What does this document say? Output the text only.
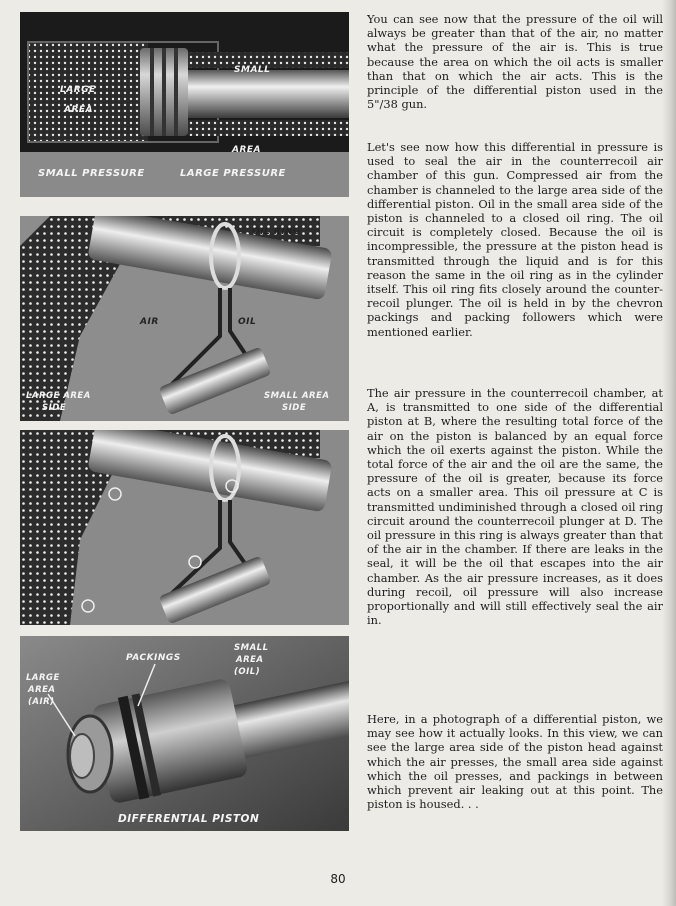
SMALL
LARGE
AREA
AREA
SMALL PRESSURE	LARGE PRESSURE
OIL RING
AIR	OIL
LARGE AREA
SIDE
SMALL AREA
SIDE
PACKINGS
SMALL
AREA
(OIL)
LARGE
AREA
(AIR)
DIFFERENTIAL PISTON

You can see now that the pressure of the oil will always be greater than that of the air, no matter what the pressure of the air is. This is true because the area on which the oil acts is smaller than that on which the air acts. This is the principle of the differential piston used in the 5"/38 gun.

Let's see now how this differential in pressure is used to seal the air in the counterrecoil air chamber of this gun. Compressed air from the chamber is channeled to the large area side of the differential piston. Oil in the small area side of the piston is channeled to a closed oil ring. The oil circuit is completely closed. Because the oil is incompressible, the pressure at the piston head is transmitted through the liquid and is for this reason the same in the oil ring as in the cylinder itself. This oil ring fits closely around the counter-recoil plunger. The oil is held in by the chevron packings and packing followers which were mentioned earlier.

The air pressure in the counterrecoil chamber, at A, is transmitted to one side of the differential piston at B, where the resulting total force of the air on the piston is balanced by an equal force which the oil exerts against the piston. While the total force of the air and the oil are the same, the pressure of the oil is greater, because its force acts on a smaller area. This oil pressure at C is transmitted undiminished through a closed oil ring circuit around the counterrecoil plunger at D. The oil pressure in this ring is always greater than that of the air in the chamber. If there are leaks in the seal, it will be the oil that escapes into the air chamber. As the air pressure increases, as it does during recoil, oil pressure will also increase proportionally and will still effectively seal the air in.

Here, in a photograph of a differential piston, we may see how it actually looks. In this view, we can see the large area side of the piston head against which the air presses, the small area side against which the oil presses, and packings in between which prevent air leaking out at this point. The piston is housed. . .

80
